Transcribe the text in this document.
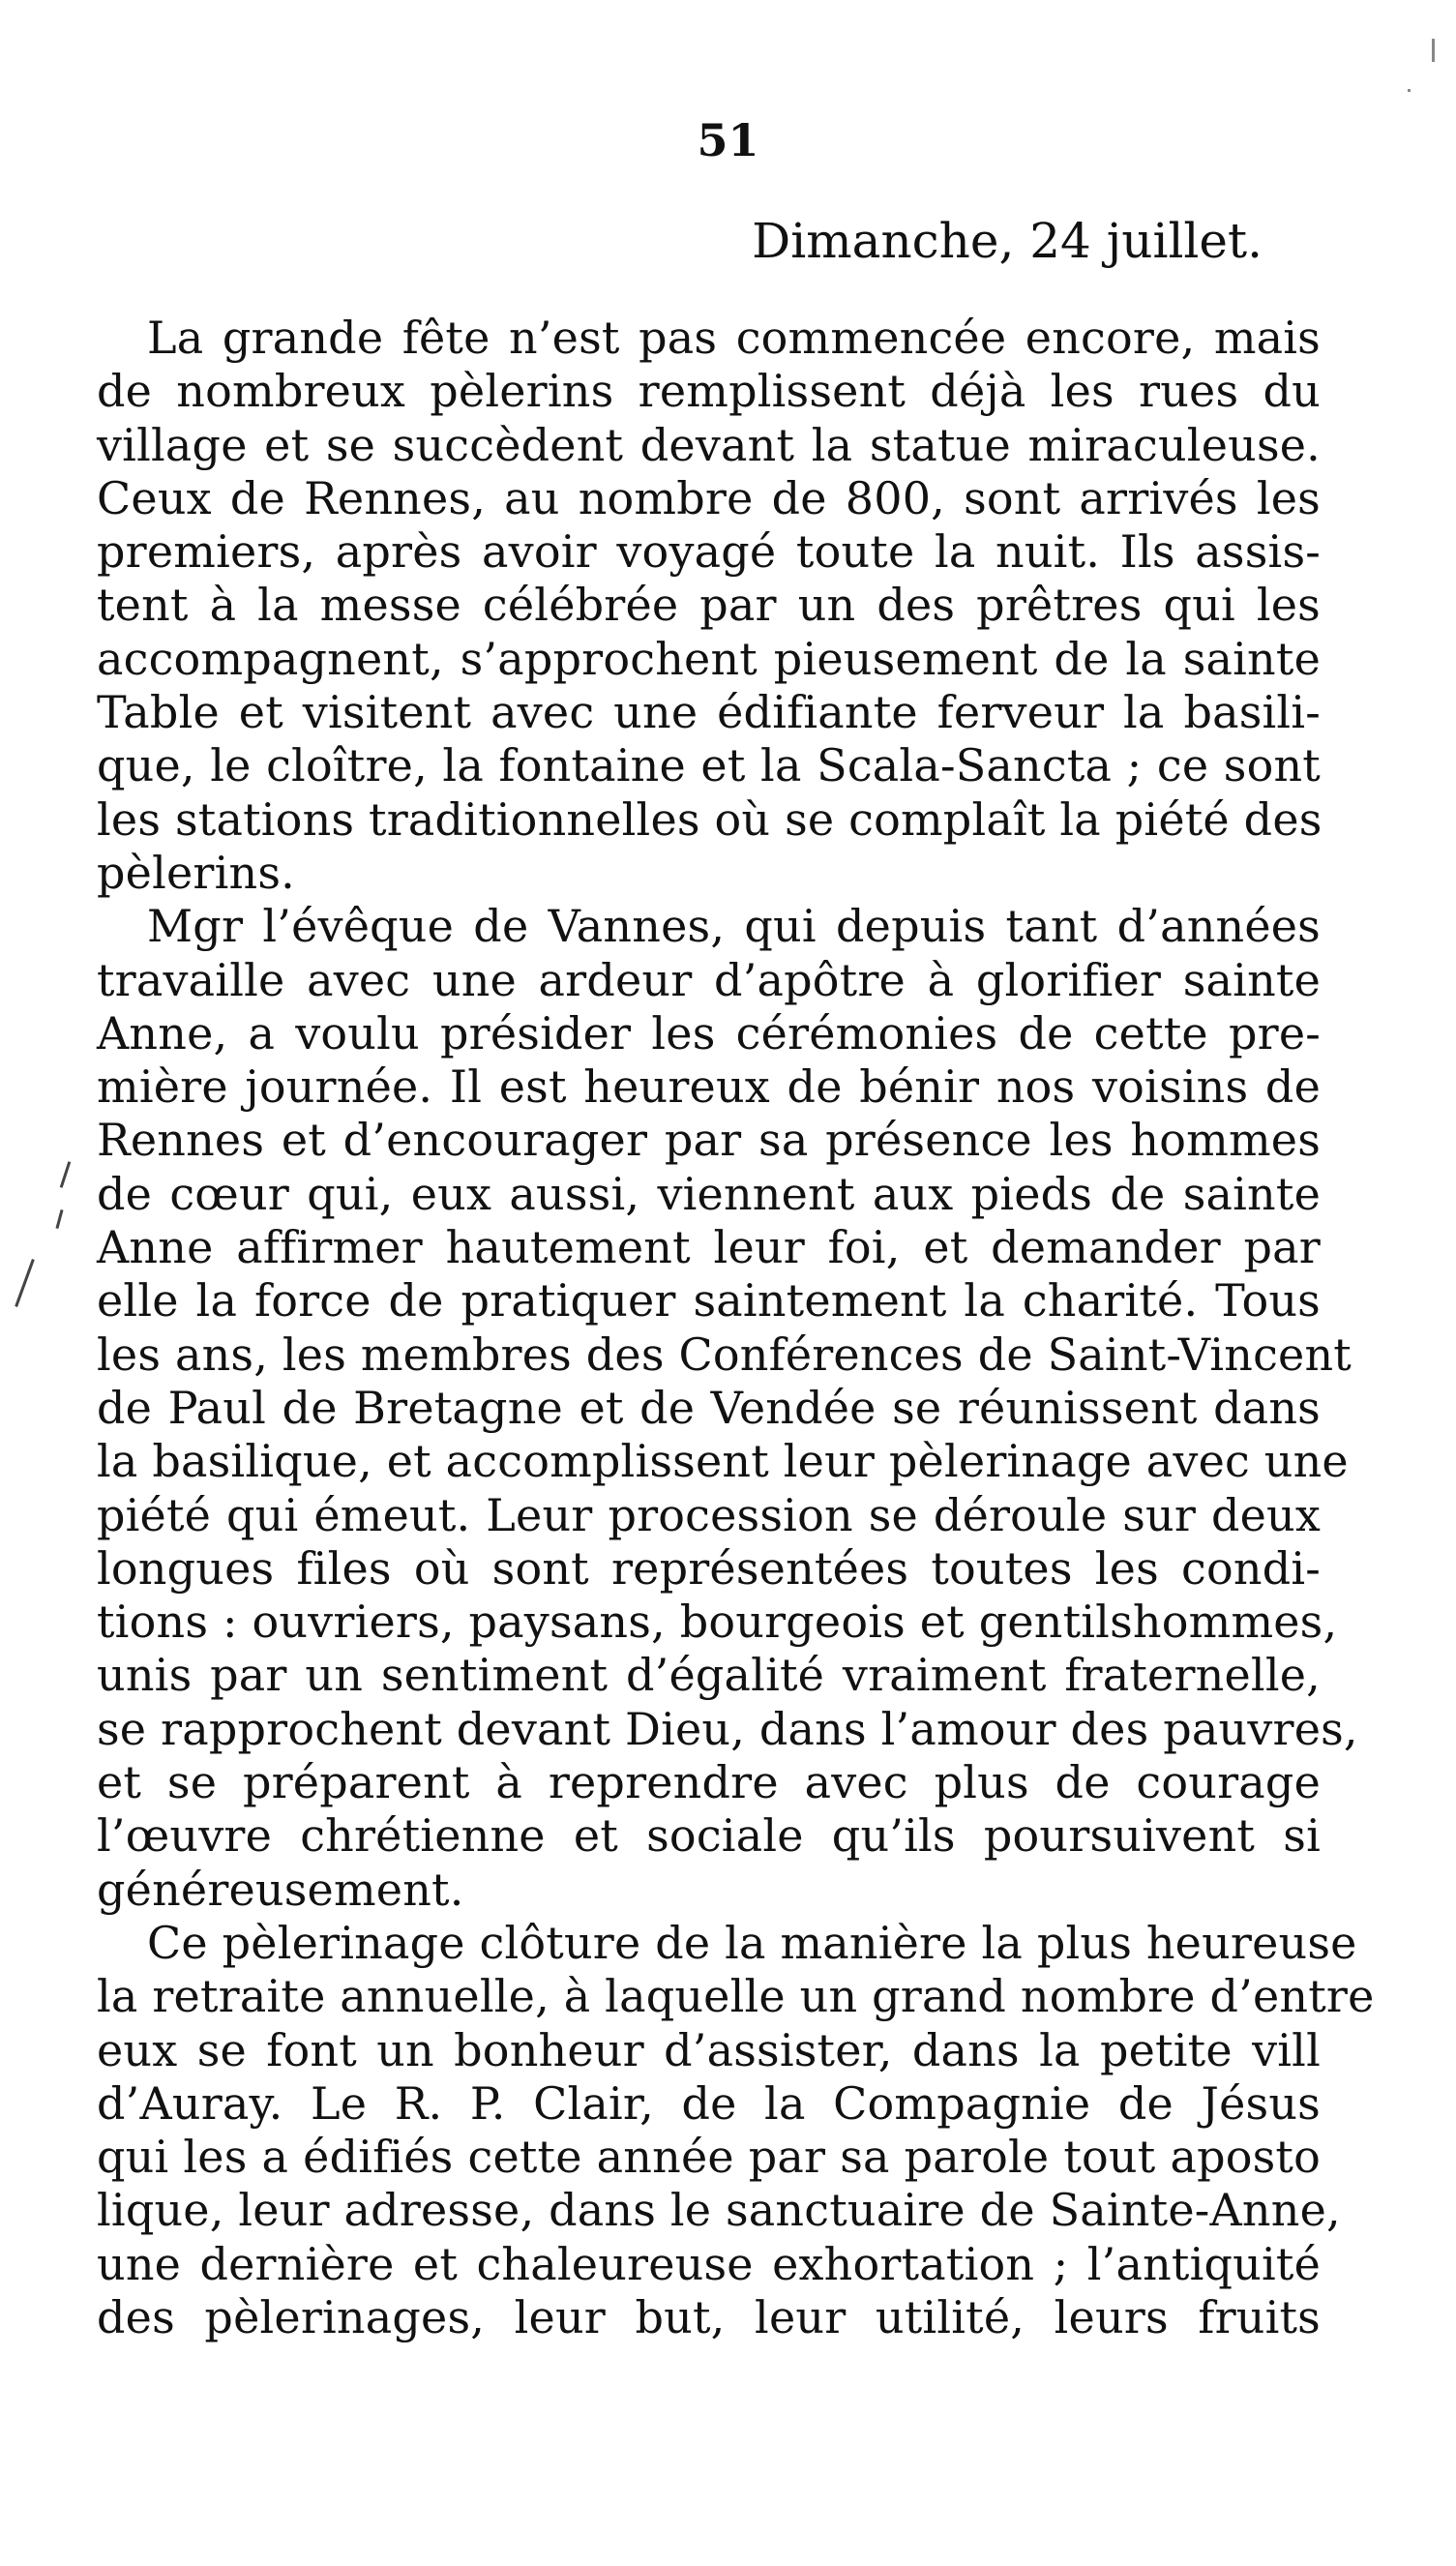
51
Dimanche, 24 juillet.
La grande fête n’est pas commencée encore, mais
de nombreux pèlerins remplissent déjà les rues du
village et se succèdent devant la statue miraculeuse.
Ceux de Rennes, au nombre de 800, sont arrivés les
premiers, après avoir voyagé toute la nuit. Ils assis-
tent à la messe célébrée par un des prêtres qui les
accompagnent, s’approchent pieusement de la sainte
Table et visitent avec une édifiante ferveur la basili-
que, le cloître, la fontaine et la Scala-Sancta ; ce sont
les stations traditionnelles où se complaît la piété des
pèlerins.
Mgr l’évêque de Vannes, qui depuis tant d’années
travaille avec une ardeur d’apôtre à glorifier sainte
Anne, a voulu présider les cérémonies de cette pre-
mière journée. Il est heureux de bénir nos voisins de
Rennes et d’encourager par sa présence les hommes
de cœur qui, eux aussi, viennent aux pieds de sainte
Anne affirmer hautement leur foi, et demander par
elle la force de pratiquer saintement la charité. Tous
les ans, les membres des Conférences de Saint-Vincent
de Paul de Bretagne et de Vendée se réunissent dans
la basilique, et accomplissent leur pèlerinage avec une
piété qui émeut. Leur procession se déroule sur deux
longues files où sont représentées toutes les condi-
tions : ouvriers, paysans, bourgeois et gentilshommes,
unis par un sentiment d’égalité vraiment fraternelle,
se rapprochent devant Dieu, dans l’amour des pauvres,
et se préparent à reprendre avec plus de courage
l’œuvre chrétienne et sociale qu’ils poursuivent si
généreusement.
Ce pèlerinage clôture de la manière la plus heureuse
la retraite annuelle, à laquelle un grand nombre d’entre
eux se font un bonheur d’assister, dans la petite vill
d’Auray. Le R. P. Clair, de la Compagnie de Jésus
qui les a édifiés cette année par sa parole tout aposto
lique, leur adresse, dans le sanctuaire de Sainte-Anne,
une dernière et chaleureuse exhortation ; l’antiquité
des pèlerinages, leur but, leur utilité, leurs fruits
